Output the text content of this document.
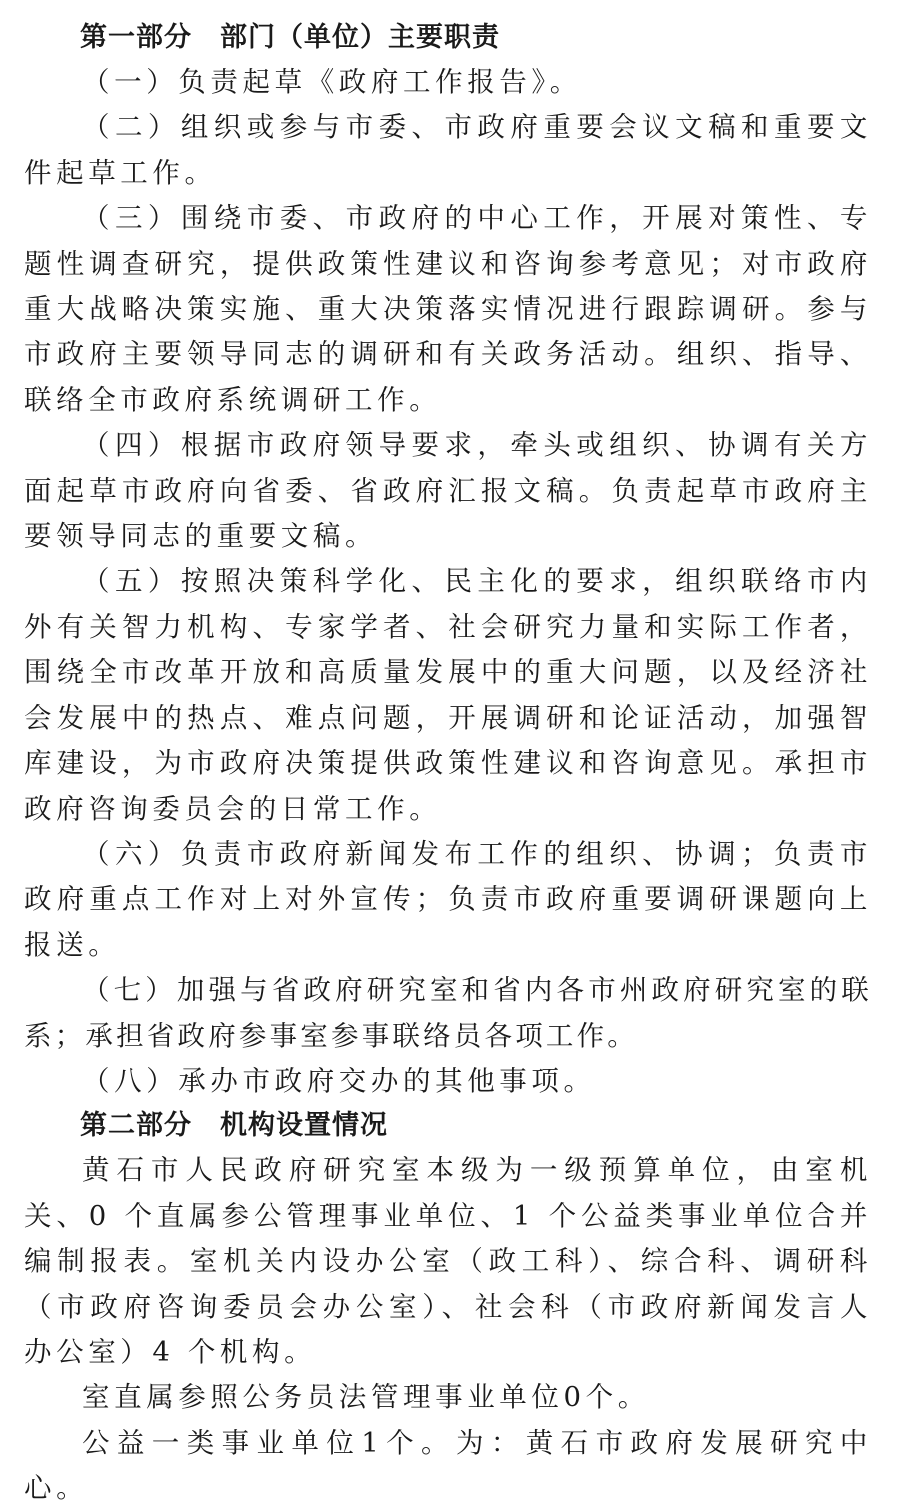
第一部分　部门（单位）主要职责

（一）负责起草《政府工作报告》。

（二）组织或参与市委、市政府重要会议文稿和重要文件起草工作。

（三）围绕市委、市政府的中心工作，开展对策性、专题性调查研究，提供政策性建议和咨询参考意见；对市政府重大战略决策实施、重大决策落实情况进行跟踪调研。参与市政府主要领导同志的调研和有关政务活动。组织、指导、联络全市政府系统调研工作。

（四）根据市政府领导要求，牵头或组织、协调有关方面起草市政府向省委、省政府汇报文稿。负责起草市政府主要领导同志的重要文稿。

（五）按照决策科学化、民主化的要求，组织联络市内外有关智力机构、专家学者、社会研究力量和实际工作者，围绕全市改革开放和高质量发展中的重大问题，以及经济社会发展中的热点、难点问题，开展调研和论证活动，加强智库建设，为市政府决策提供政策性建议和咨询意见。承担市政府咨询委员会的日常工作。

（六）负责市政府新闻发布工作的组织、协调；负责市政府重点工作对上对外宣传；负责市政府重要调研课题向上报送。

（七）加强与省政府研究室和省内各市州政府研究室的联系；承担省政府参事室参事联络员各项工作。

（八）承办市政府交办的其他事项。

第二部分　机构设置情况

黄石市人民政府研究室本级为一级预算单位，由室机关、0 个直属参公管理事业单位、1 个公益类事业单位合并编制报表。室机关内设办公室（政工科）、综合科、调研科（市政府咨询委员会办公室）、社会科（市政府新闻发言人办公室）4 个机构。

室直属参照公务员法管理事业单位0个。

公益一类事业单位1个。为：黄石市政府发展研究中心。
